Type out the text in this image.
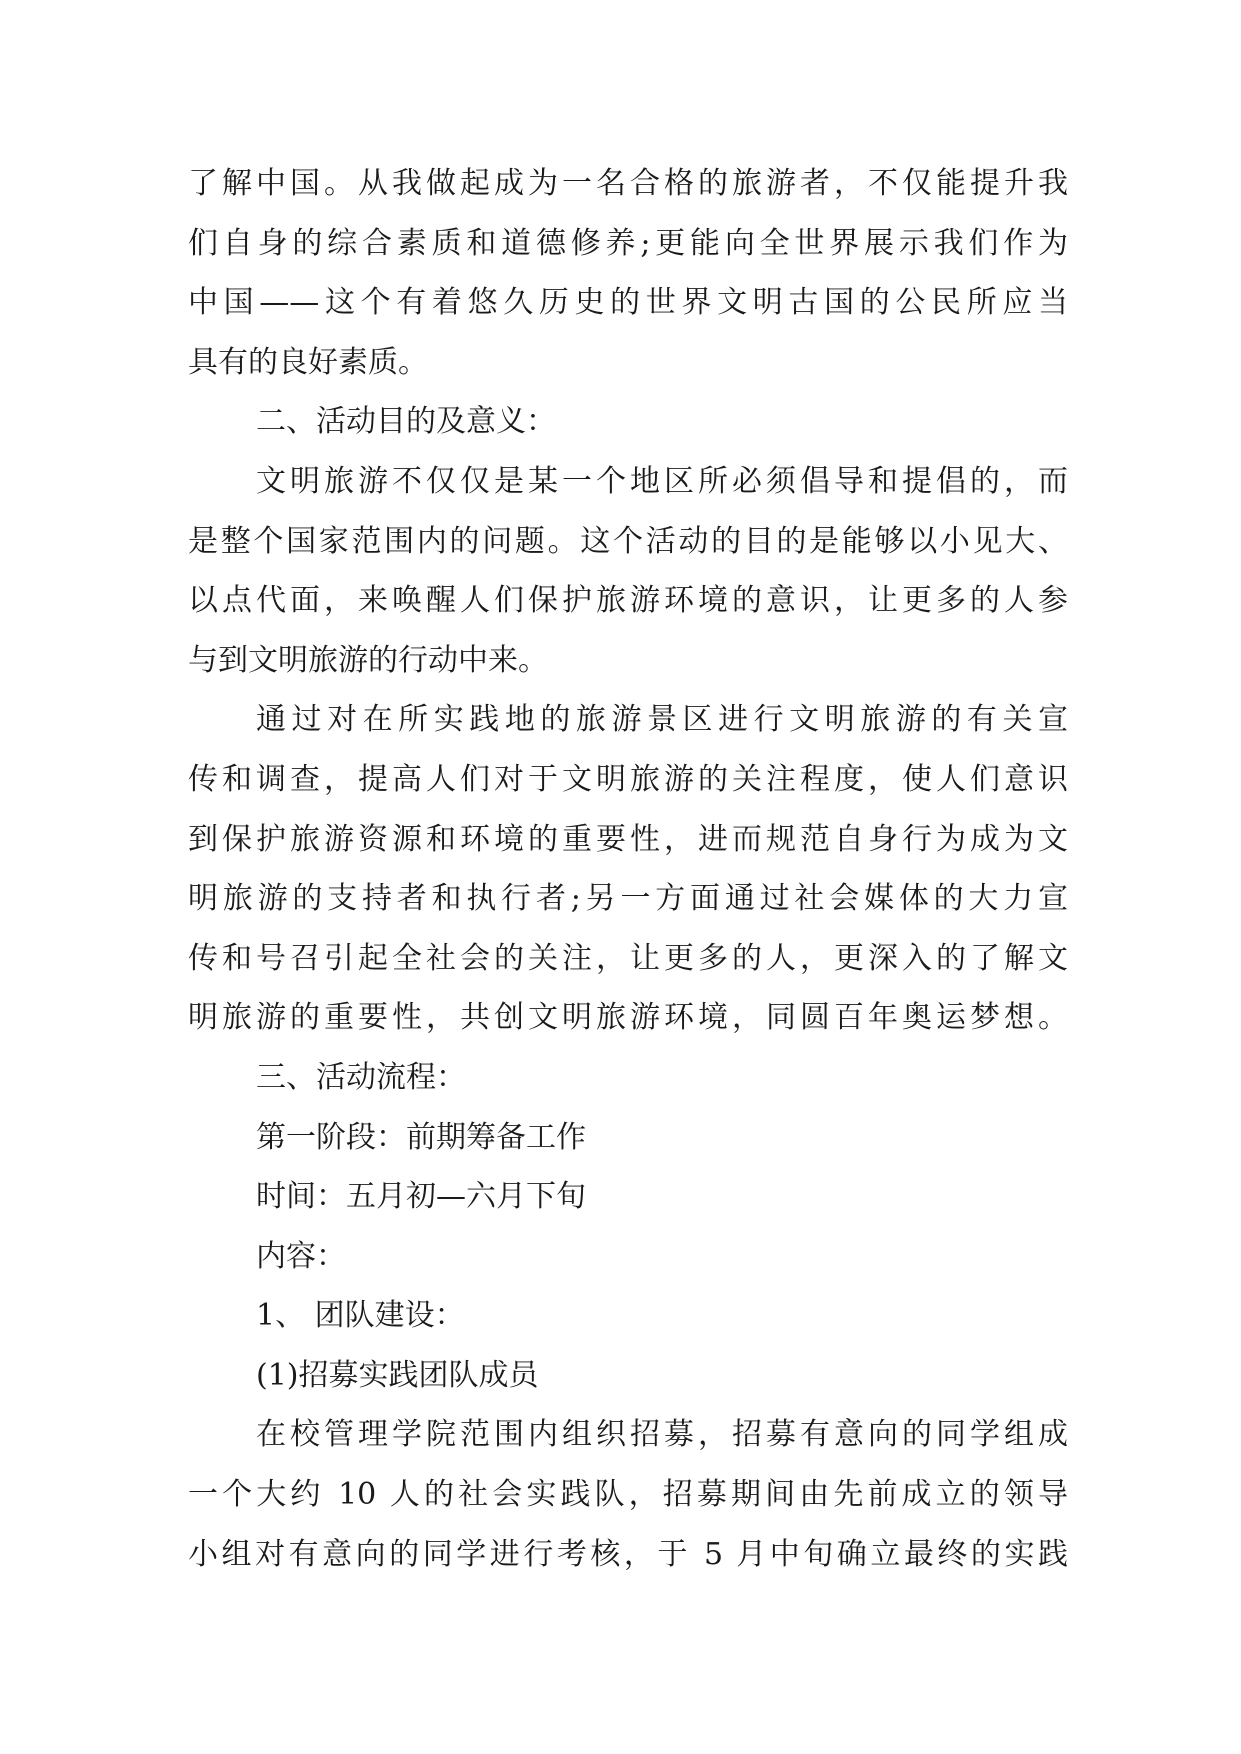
了解中国。从我做起成为一名合格的旅游者，不仅能提升我
们自身的综合素质和道德修养;更能向全世界展示我们作为
中国——这个有着悠久历史的世界文明古国的公民所应当
具有的良好素质。
二、活动目的及意义：
文明旅游不仅仅是某一个地区所必须倡导和提倡的，而
是整个国家范围内的问题。这个活动的目的是能够以小见大、
以点代面，来唤醒人们保护旅游环境的意识，让更多的人参
与到文明旅游的行动中来。
通过对在所实践地的旅游景区进行文明旅游的有关宣
传和调查，提高人们对于文明旅游的关注程度，使人们意识
到保护旅游资源和环境的重要性，进而规范自身行为成为文
明旅游的支持者和执行者;另一方面通过社会媒体的大力宣
传和号召引起全社会的关注，让更多的人，更深入的了解文
明旅游的重要性，共创文明旅游环境，同圆百年奥运梦想。
三、活动流程：
第一阶段：前期筹备工作
时间：五月初—六月下旬
内容：
1、 团队建设：
(1)招募实践团队成员
在校管理学院范围内组织招募，招募有意向的同学组成
一个大约 10 人的社会实践队，招募期间由先前成立的领导
小组对有意向的同学进行考核，于 5 月中旬确立最终的实践
